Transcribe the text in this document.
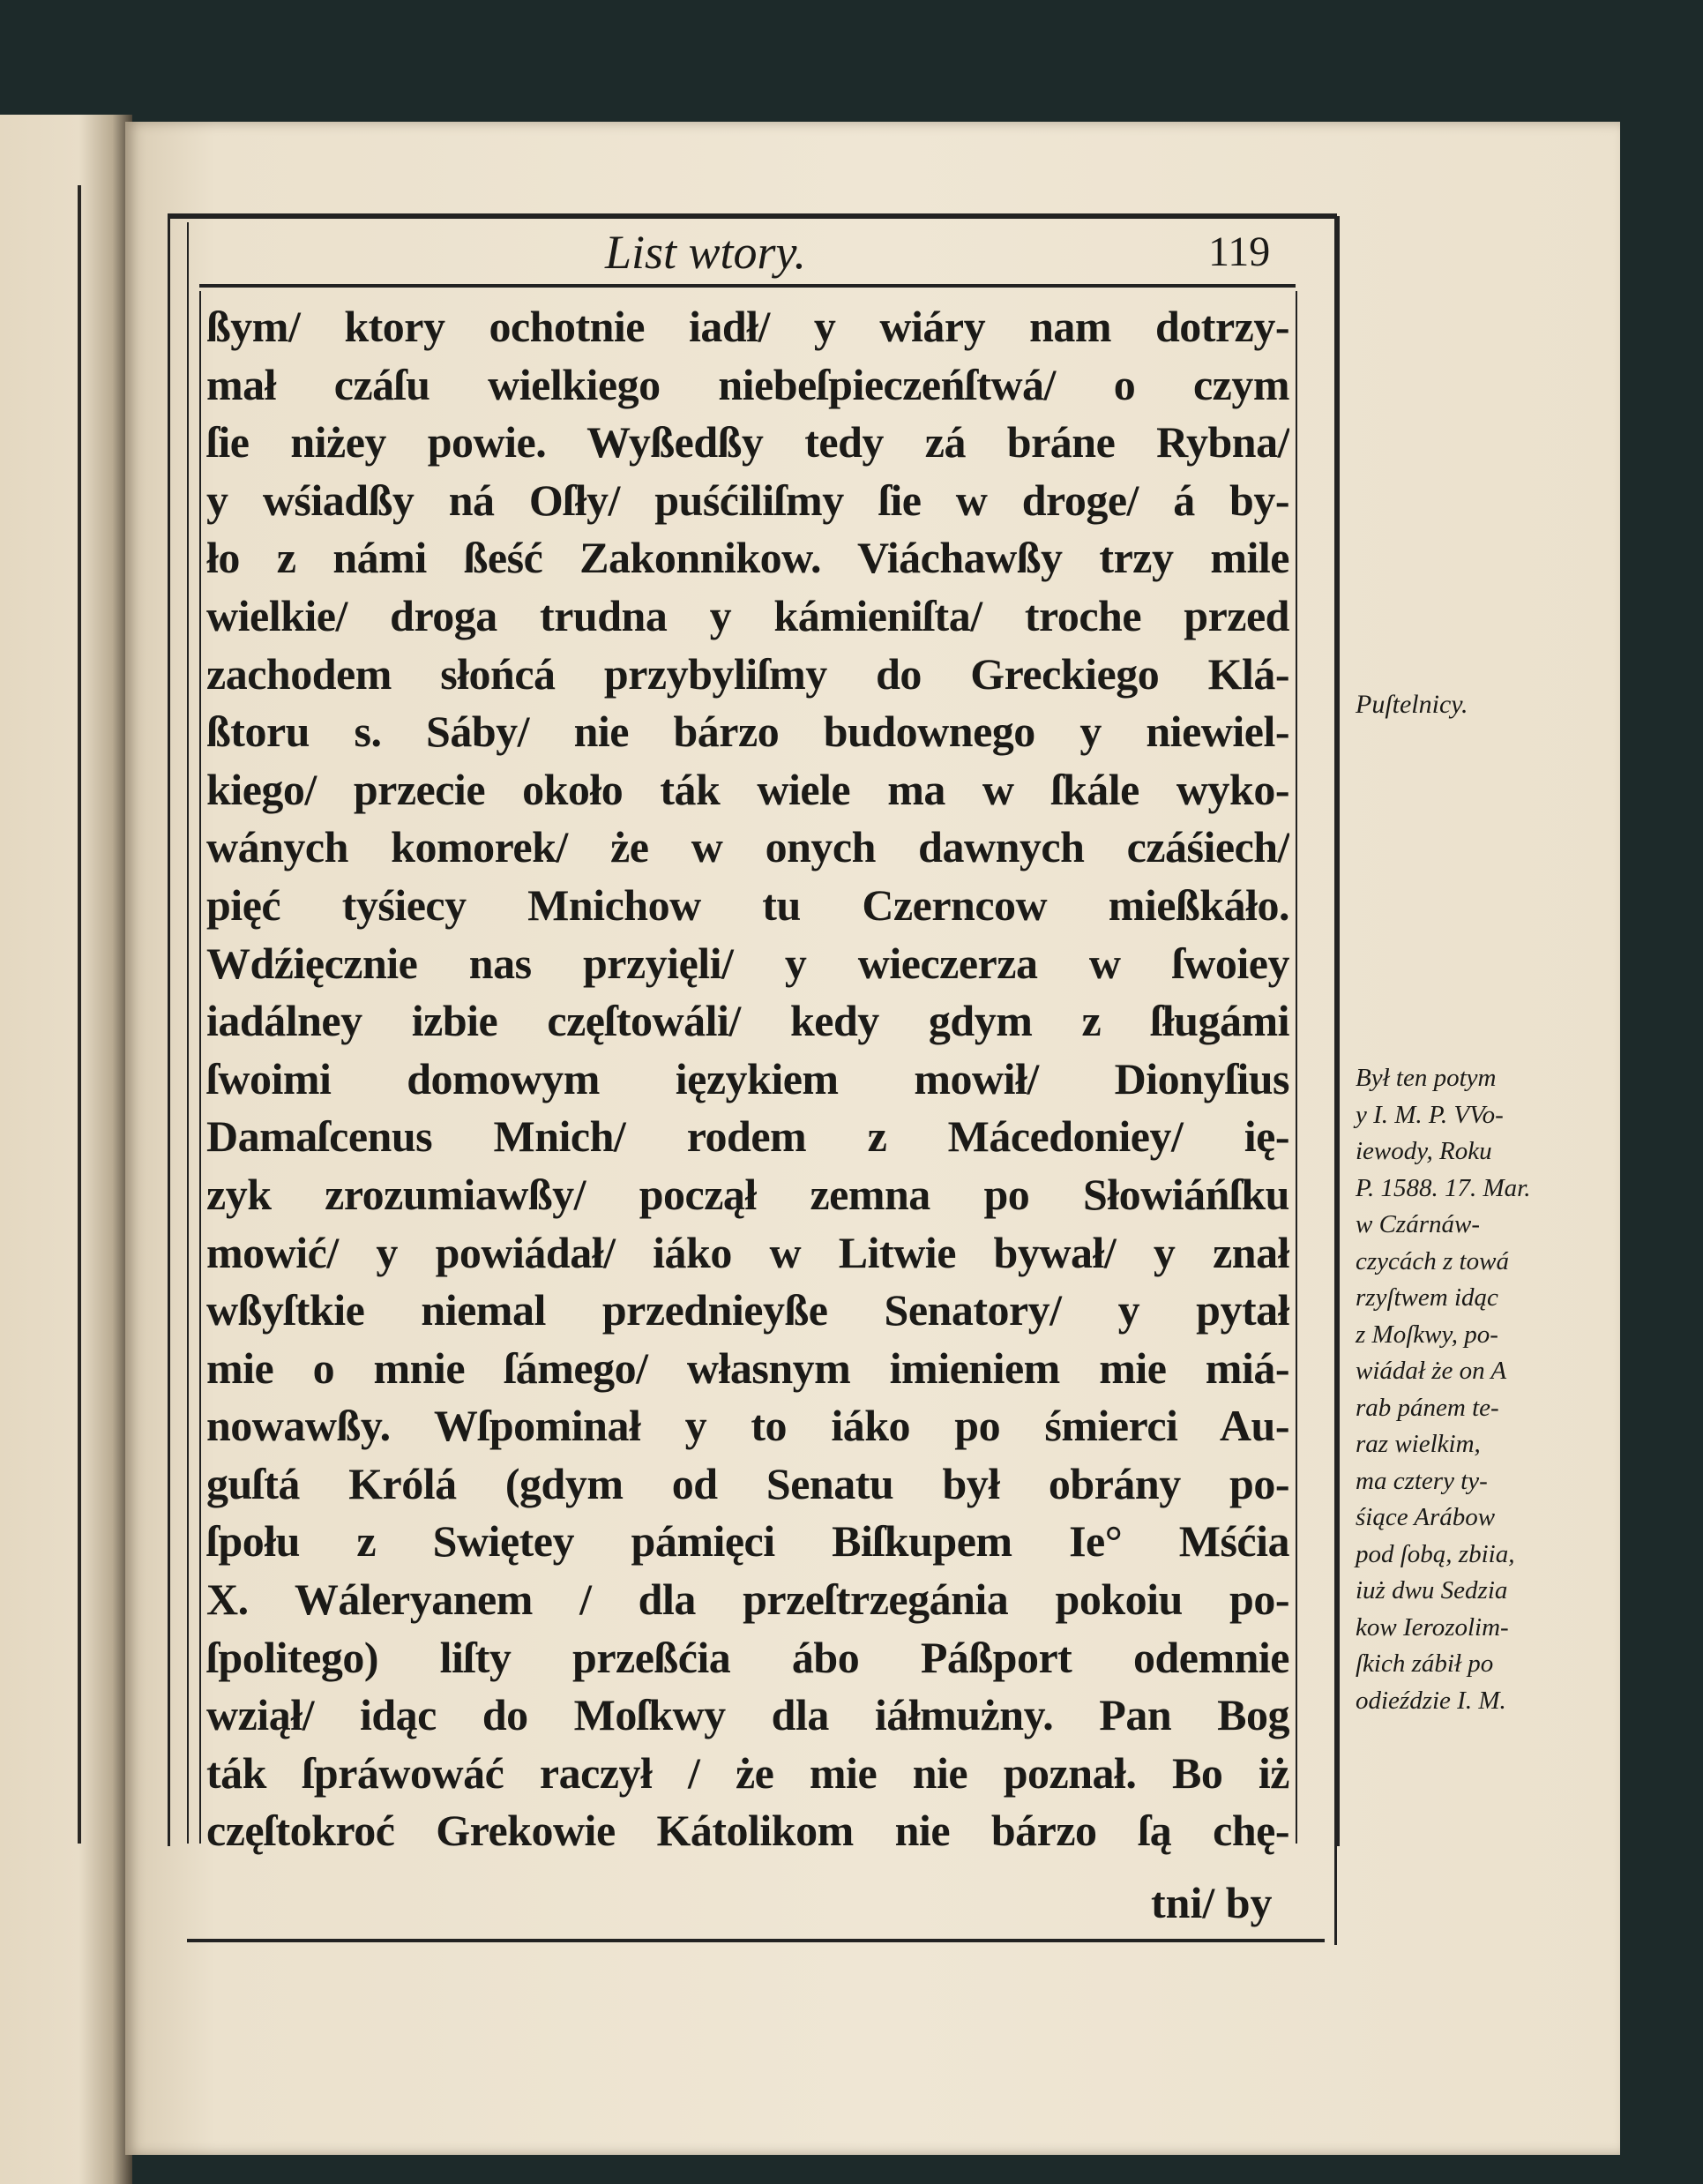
List wtory.	119
ßym/ ktory ochotnie iadł/ y wiáry nam dotrzy-
mał czáſu wielkiego niebeſpieczeńſtwá/ o czym
ſie niżey powie. Wyßedßy tedy zá bráne Rybna/
y wśiadßy ná Oſły/ puśćiliſmy ſie w droge/ á by-
ło z námi ßeść Zakonnikow. Viáchawßy trzy mile
wielkie/ droga trudna y kámieniſta/ troche przed
zachodem słońcá przybyliſmy do Greckiego Klá-
ßtoru s. Sáby/ nie bárzo budownego y niewiel-
kiego/ przecie około ták wiele ma w ſkále wyko-
wánych komorek/ że w onych dawnych czáśiech/
pięć tyśiecy Mnichow tu Czerncow mießkáło.
Wdźięcznie nas przyięli/ y wieczerza w ſwoiey
iadálney izbie częſtowáli/ kedy gdym z ſługámi
ſwoimi domowym ięzykiem mowił/ Dionyſius
Damaſcenus Mnich/ rodem z Mácedoniey/ ię-
zyk zrozumiawßy/ począł zemna po Słowiáńſku
mowić/ y powiádał/ iáko w Litwie bywał/ y znał
wßyſtkie niemal przednieyße Senatory/ y pytał
mie o mnie ſámego/ własnym imieniem mie miá-
nowawßy. Wſpominał y to iáko po śmierci Au-
guſtá Królá (gdym od Senatu był obrány po-
ſpołu z Swiętey pámięci Biſkupem Ie° Mśćia
X. Wáleryanem / dla przeſtrzegánia pokoiu po-
ſpolitego) liſty przeßćia ábo Páßport odemnie
wziął/ idąc do Moſkwy dla iáłmużny. Pan Bog
ták ſpráwowáć raczył / że mie nie poznał. Bo iż
częſtokroć Grekowie Kátolikom nie bárzo ſą chę-
tni/ by
Puſtelnicy.
Był ten potym
y I. M. P. VVo-
iewody, Roku
P. 1588. 17. Mar.
w Czárnáw-
czycách z towá
rzyſtwem idąc
z Moſkwy, po-
wiádał że on A
rab pánem te-
raz wielkim,
ma cztery ty-
śiące Arábow
pod ſobą, zbiia,
iuż dwu Sedzia
kow Ierozolim-
ſkich zábił po
odieździe I. M.
